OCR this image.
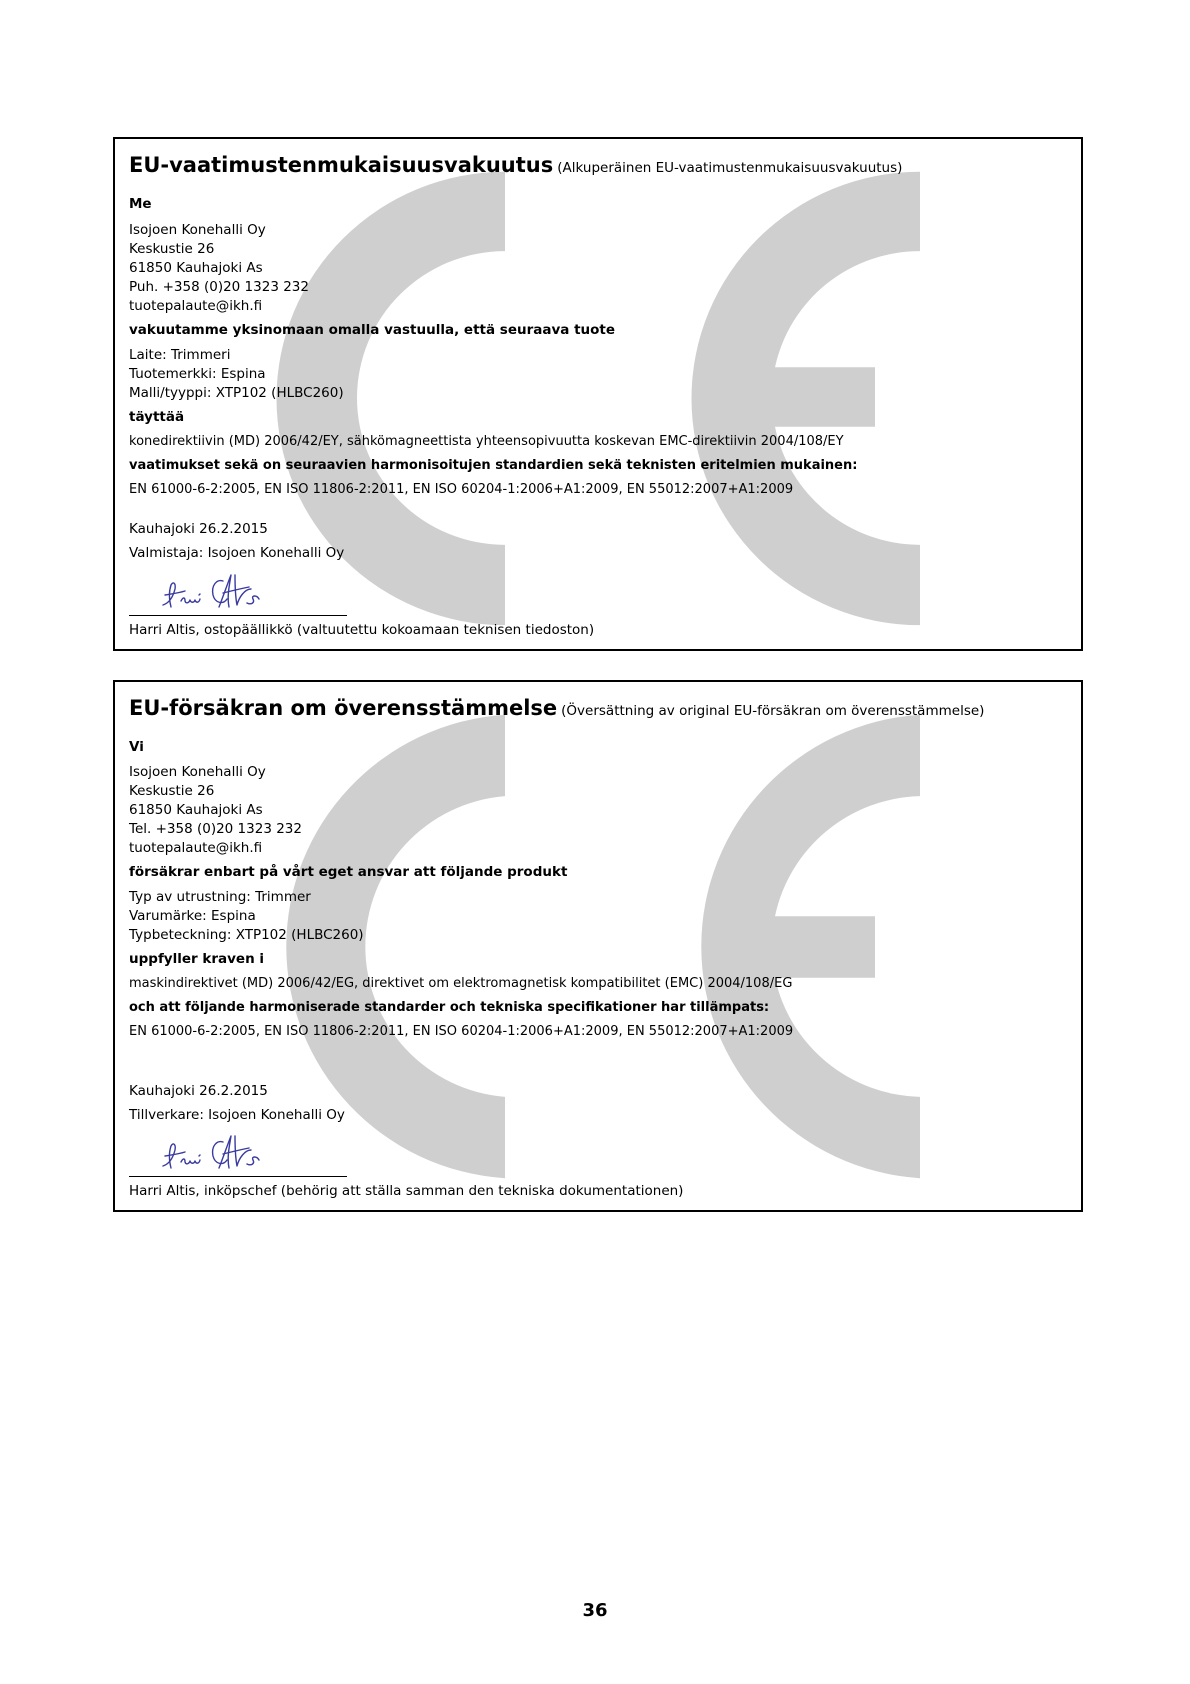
EU-vaatimustenmukaisuusvakuutus (Alkuperäinen EU-vaatimustenmukaisuusvakuutus)
Me
Isojoen Konehalli Oy
Keskustie 26
61850 Kauhajoki As
Puh. +358 (0)20 1323 232
tuotepalaute@ikh.fi
vakuutamme yksinomaan omalla vastuulla, että seuraava tuote
Laite: Trimmeri
Tuotemerkki: Espina
Malli/tyyppi: XTP102 (HLBC260)
täyttää
konedirektiivin (MD) 2006/42/EY, sähkömagneettista yhteensopivuutta koskevan EMC-direktiivin 2004/108/EY
vaatimukset sekä on seuraavien harmonisoitujen standardien sekä teknisten eritelmien mukainen:
EN 61000-6-2:2005, EN ISO 11806-2:2011, EN ISO 60204-1:2006+A1:2009, EN 55012:2007+A1:2009
Kauhajoki 26.2.2015
Valmistaja: Isojoen Konehalli Oy
Harri Altis, ostopäällikkö (valtuutettu kokoamaan teknisen tiedoston)
EU-försäkran om överensstämmelse (Översättning av original EU-försäkran om överensstämmelse)
Vi
Isojoen Konehalli Oy
Keskustie 26
61850 Kauhajoki As
Tel. +358 (0)20 1323 232
tuotepalaute@ikh.fi
försäkrar enbart på vårt eget ansvar att följande produkt
Typ av utrustning: Trimmer
Varumärke: Espina
Typbeteckning: XTP102 (HLBC260)
uppfyller kraven i
maskindirektivet (MD) 2006/42/EG, direktivet om elektromagnetisk kompatibilitet (EMC) 2004/108/EG
och att följande harmoniserade standarder och tekniska specifikationer har tillämpats:
EN 61000-6-2:2005, EN ISO 11806-2:2011, EN ISO 60204-1:2006+A1:2009, EN 55012:2007+A1:2009
Kauhajoki 26.2.2015
Tillverkare: Isojoen Konehalli Oy
Harri Altis, inköpschef (behörig att ställa samman den tekniska dokumentationen)
36
